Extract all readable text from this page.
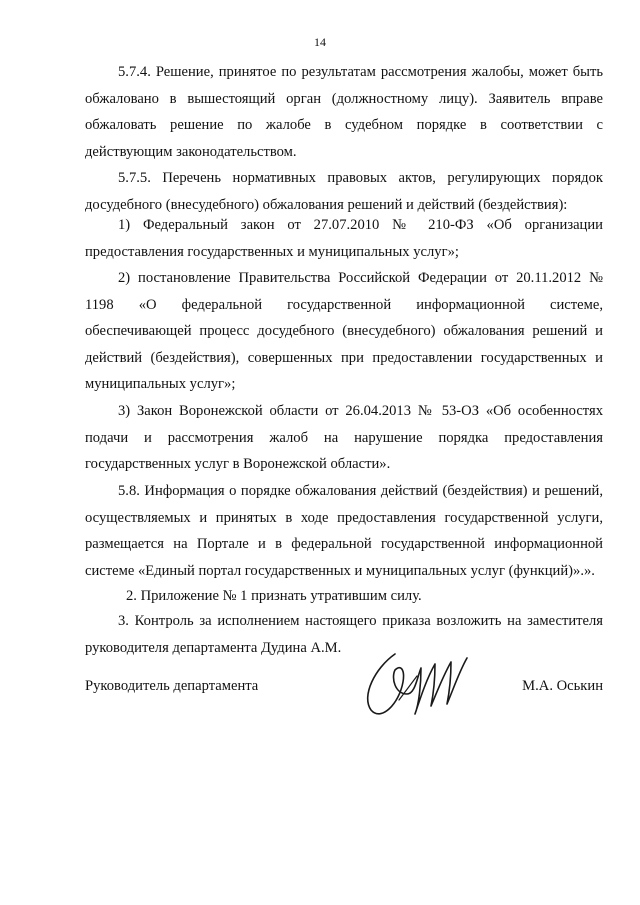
14

5.7.4. Решение, принятое по результатам рассмотрения жалобы, может быть обжаловано в вышестоящий орган (должностному лицу). Заявитель вправе обжаловать решение по жалобе в судебном порядке в соответствии с действующим законодательством.

5.7.5. Перечень нормативных правовых актов, регулирующих порядок досудебного (внесудебного) обжалования решений и действий (бездействия):

1) Федеральный закон от 27.07.2010 № 210-ФЗ «Об организации предоставления государственных и муниципальных услуг»;

2) постановление Правительства Российской Федерации от 20.11.2012 № 1198 «О федеральной государственной информационной системе, обеспечивающей процесс досудебного (внесудебного) обжалования решений и действий (бездействия), совершенных при предоставлении государственных и муниципальных услуг»;

3) Закон Воронежской области от 26.04.2013 № 53-ОЗ «Об особенностях подачи и рассмотрения жалоб на нарушение порядка предоставления государственных услуг в Воронежской области».

5.8. Информация о порядке обжалования действий (бездействия) и решений, осуществляемых и принятых в ходе предоставления государственной услуги, размещается на Портале и в федеральной государственной информационной системе «Единый портал государственных и муниципальных услуг (функций)».».

2. Приложение № 1 признать утратившим силу.

3. Контроль за исполнением настоящего приказа возложить на заместителя руководителя департамента Дудина А.М.

Руководитель департамента	М.А. Оськин
